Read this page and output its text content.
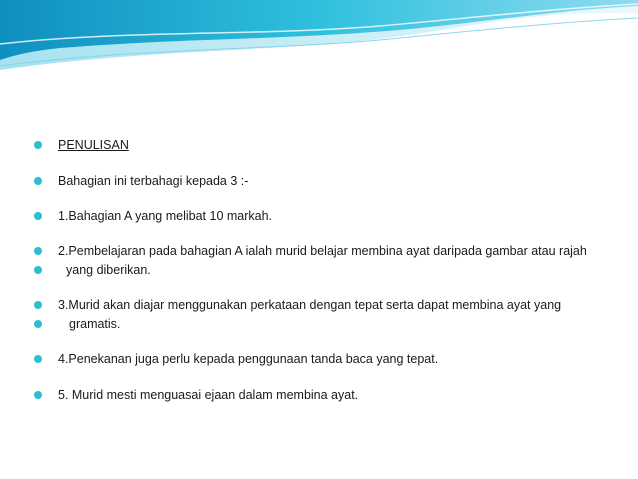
PENULISAN
Bahagian ini terbahagi kepada 3 :-
1.Bahagian A yang melibat 10 markah.
2.Pembelajaran pada bahagian A ialah murid belajar membina ayat daripada gambar atau rajah
yang diberikan.
3.Murid akan diajar menggunakan perkataan dengan tepat serta dapat membina ayat yang
gramatis.
4.Penekanan juga perlu kepada penggunaan tanda baca yang tepat.
5. Murid mesti menguasai ejaan dalam membina ayat.
